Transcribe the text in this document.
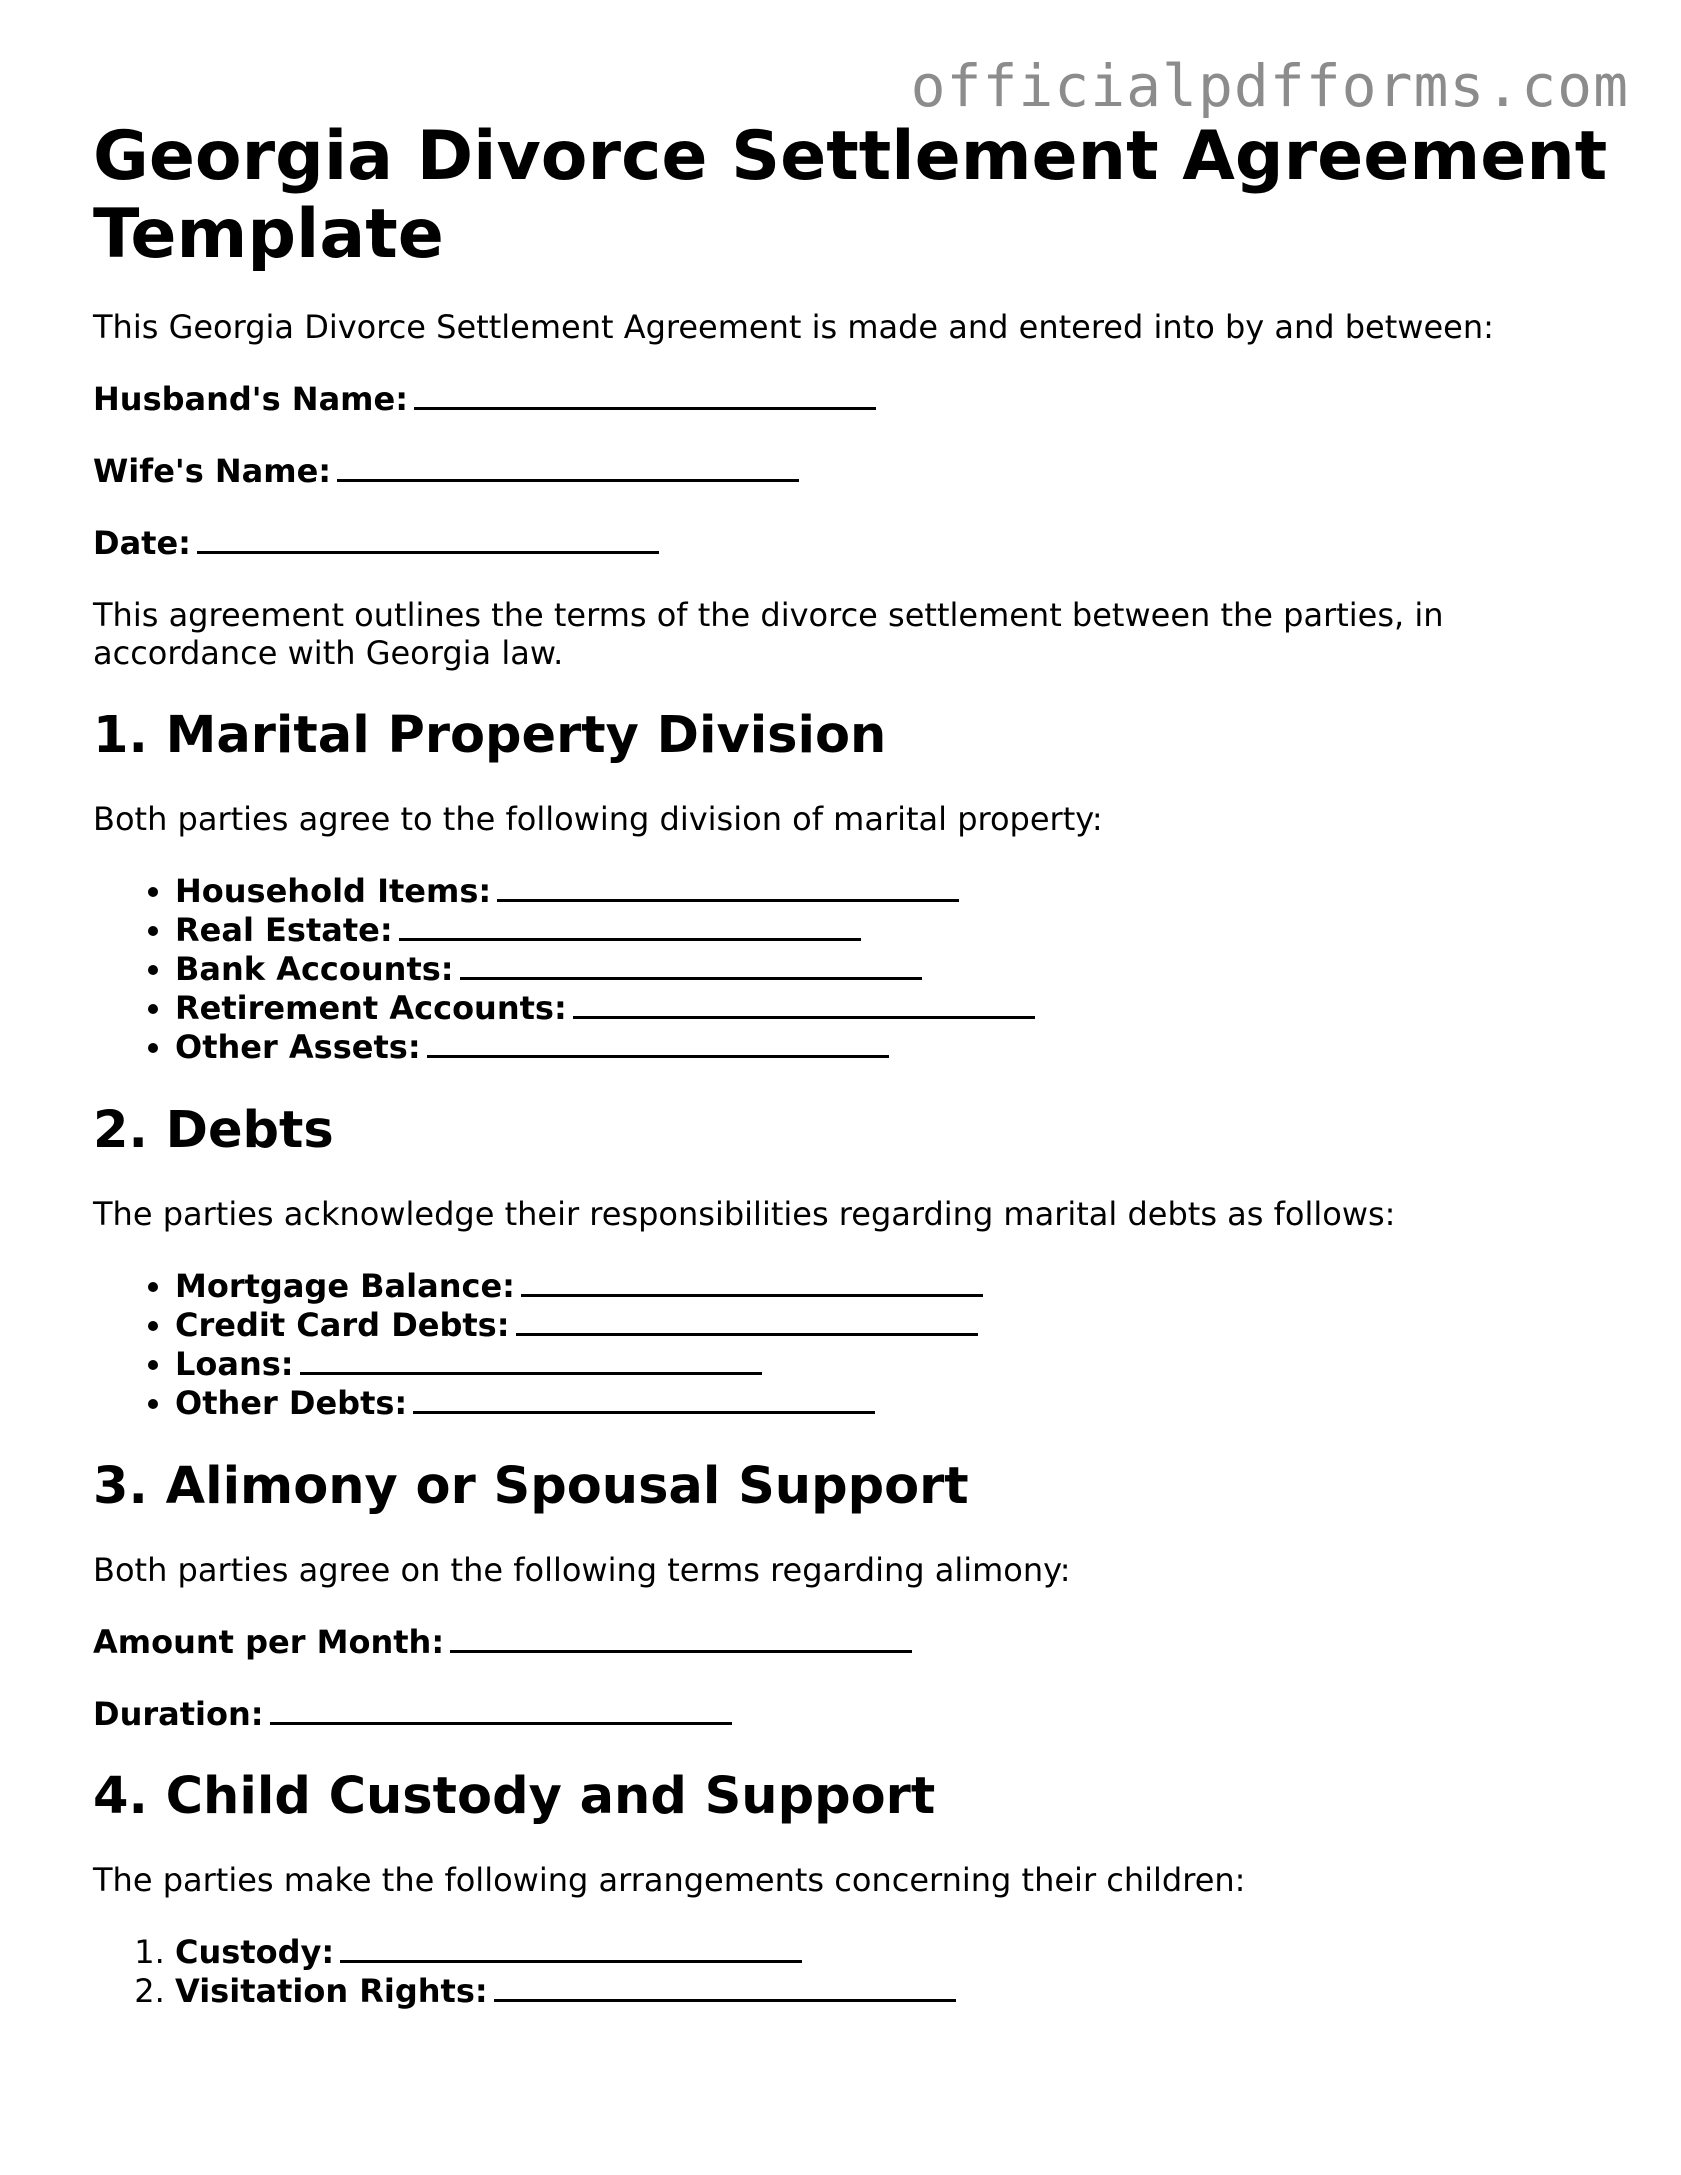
officialpdfforms.com
Georgia Divorce Settlement Agreement Template

This Georgia Divorce Settlement Agreement is made and entered into by and between:

Husband's Name:
Wife's Name:
Date:

This agreement outlines the terms of the divorce settlement between the parties, in accordance with Georgia law.

1. Marital Property Division

Both parties agree to the following division of marital property:

• Household Items:
• Real Estate:
• Bank Accounts:
• Retirement Accounts:
• Other Assets:
2. Debts

The parties acknowledge their responsibilities regarding marital debts as follows:

• Mortgage Balance:
• Credit Card Debts:
• Loans:
• Other Debts:
3. Alimony or Spousal Support

Both parties agree on the following terms regarding alimony:

Amount per Month:
Duration:
4. Child Custody and Support

The parties make the following arrangements concerning their children:

1. Custody:
2. Visitation Rights:
